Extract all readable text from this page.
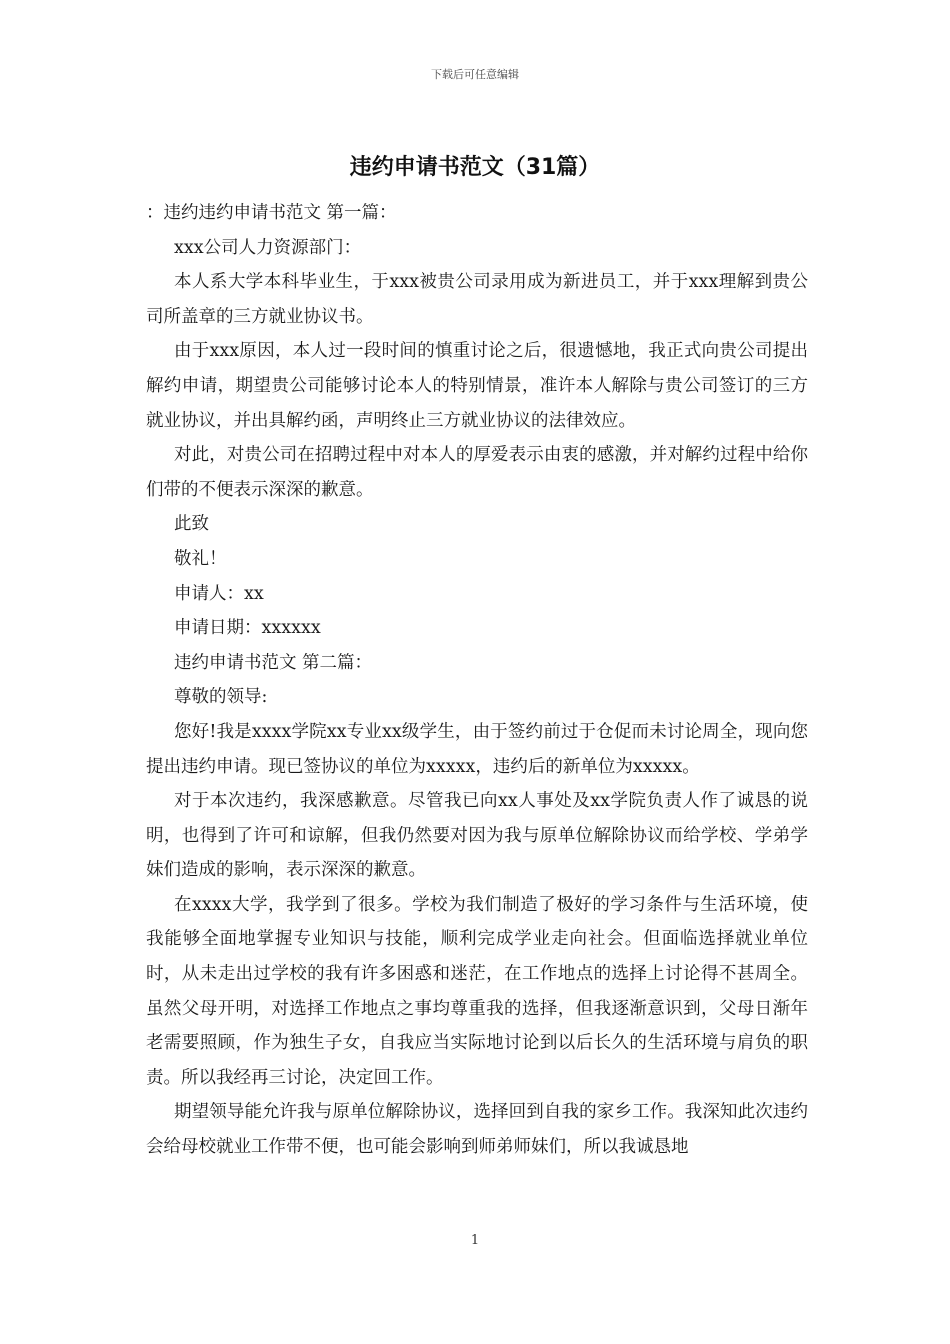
下载后可任意编辑
违约申请书范文（31篇）

：违约违约申请书范文 第一篇：

xxx公司人力资源部门：

本人系大学本科毕业生，于xxx被贵公司录用成为新进员工，并于xxx理解到贵公司所盖章的三方就业协议书。

由于xxx原因，本人过一段时间的慎重讨论之后，很遗憾地，我正式向贵公司提出解约申请，期望贵公司能够讨论本人的特别情景，准许本人解除与贵公司签订的三方就业协议，并出具解约函，声明终止三方就业协议的法律效应。

对此，对贵公司在招聘过程中对本人的厚爱表示由衷的感激，并对解约过程中给你们带的不便表示深深的歉意。

此致

敬礼！

申请人：xx

申请日期：xxxxxx

违约申请书范文 第二篇：

尊敬的领导:

您好!我是xxxx学院xx专业xx级学生，由于签约前过于仓促而未讨论周全，现向您提出违约申请。现已签协议的单位为xxxxx，违约后的新单位为xxxxx。

对于本次违约，我深感歉意。尽管我已向xx人事处及xx学院负责人作了诚恳的说明，也得到了许可和谅解，但我仍然要对因为我与原单位解除协议而给学校、学弟学妹们造成的影响，表示深深的歉意。

在xxxx大学，我学到了很多。学校为我们制造了极好的学习条件与生活环境，使我能够全面地掌握专业知识与技能，顺利完成学业走向社会。但面临选择就业单位时，从未走出过学校的我有许多困惑和迷茫，在工作地点的选择上讨论得不甚周全。虽然父母开明，对选择工作地点之事均尊重我的选择，但我逐渐意识到，父母日渐年老需要照顾，作为独生子女，自我应当实际地讨论到以后长久的生活环境与肩负的职责。所以我经再三讨论，决定回工作。

期望领导能允许我与原单位解除协议，选择回到自我的家乡工作。我深知此次违约会给母校就业工作带不便，也可能会影响到师弟师妹们，所以我诚恳地

1
